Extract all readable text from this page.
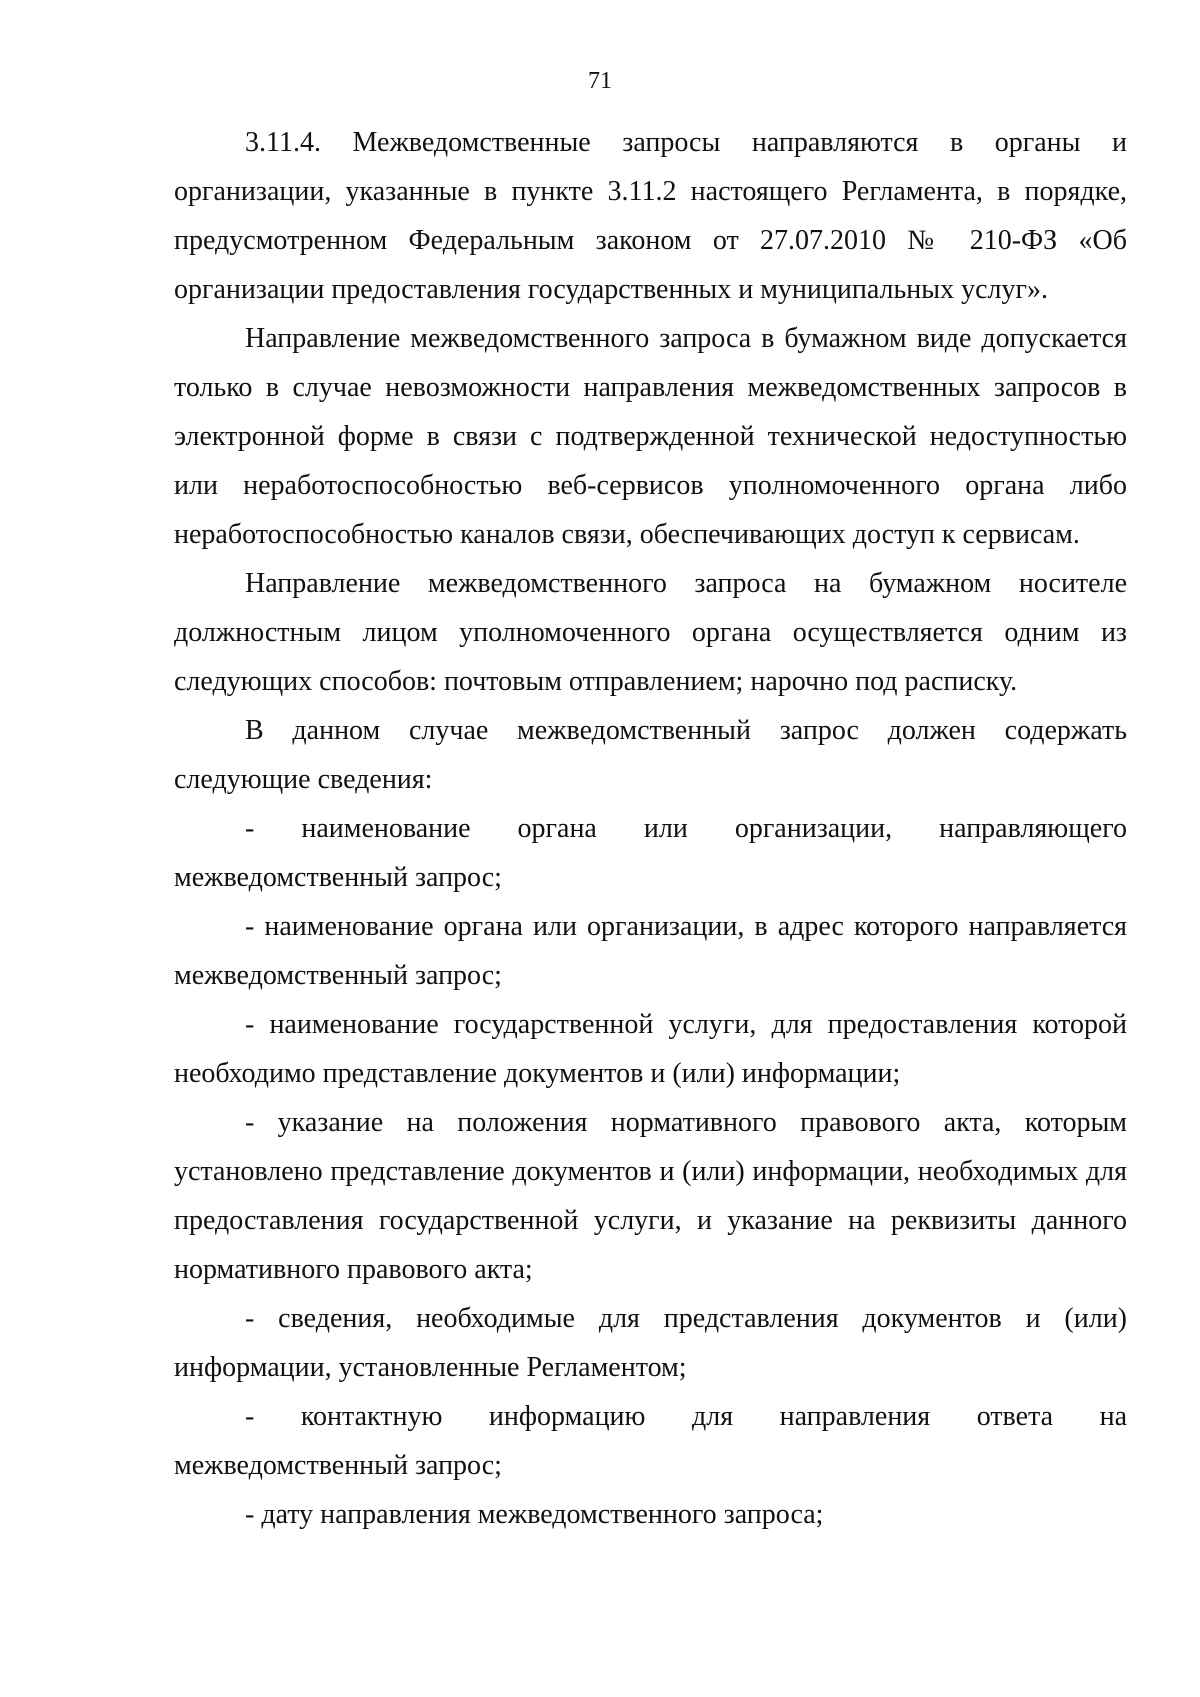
71

3.11.4. Межведомственные запросы направляются в органы и организации, указанные в пункте 3.11.2 настоящего Регламента, в порядке, предусмотренном Федеральным законом от 27.07.2010 № 210-ФЗ «Об организации предоставления государственных и муниципальных услуг».

Направление межведомственного запроса в бумажном виде допускается только в случае невозможности направления межведомственных запросов в электронной форме в связи с подтвержденной технической недоступностью или неработоспособностью веб-сервисов уполномоченного органа либо неработоспособностью каналов связи, обеспечивающих доступ к сервисам.

Направление межведомственного запроса на бумажном носителе должностным лицом уполномоченного органа осуществляется одним из следующих способов: почтовым отправлением; нарочно под расписку.

В данном случае межведомственный запрос должен содержать следующие сведения:

- наименование органа или организации, направляющего межведомственный запрос;

- наименование органа или организации, в адрес которого направляется межведомственный запрос;

- наименование государственной услуги, для предоставления которой необходимо представление документов и (или) информации;

- указание на положения нормативного правового акта, которым установлено представление документов и (или) информации, необходимых для предоставления государственной услуги, и указание на реквизиты данного нормативного правового акта;

- сведения, необходимые для представления документов и (или) информации, установленные Регламентом;

- контактную информацию для направления ответа на межведомственный запрос;

- дату направления межведомственного запроса;
